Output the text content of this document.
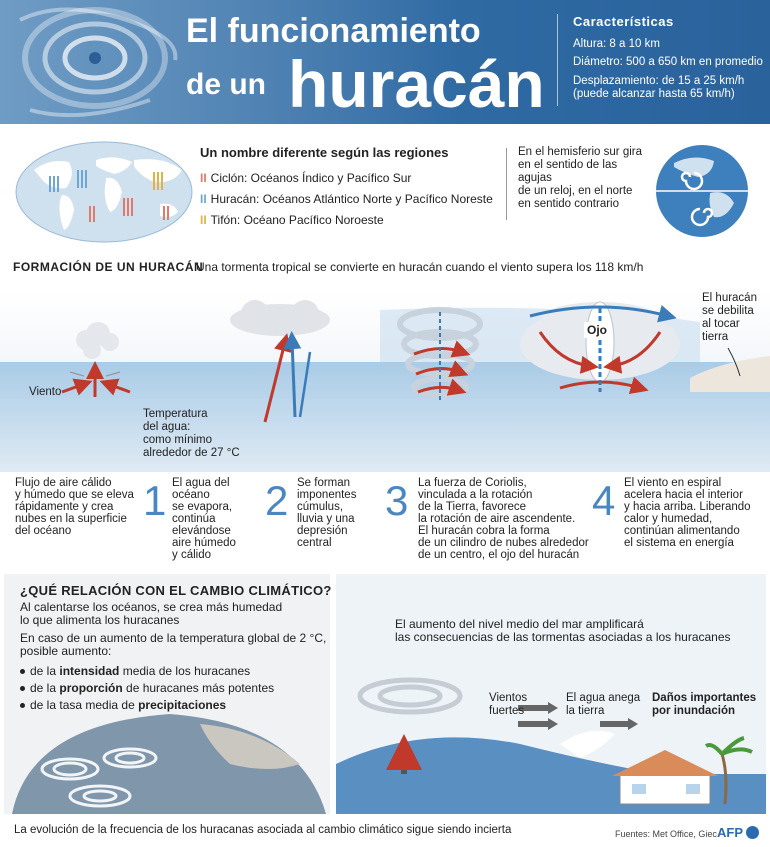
El funcionamiento
de un huracán
Características
Altura: 8 a 10 km
Diámetro: 500 a 650 km en promedio
Desplazamiento: de 15 a 25 km/h
(puede alcanzar hasta 65 km/h)
Un nombre diferente según las regiones
II Ciclón: Océanos Índico y Pacífico Sur
II Huracán: Océanos Atlántico Norte y Pacífico Noreste
II Tifón: Océano Pacífico Noroeste
En el hemisferio sur gira
en el sentido de las agujas
de un reloj, en el norte
en sentido contrario
FORMACIÓN DE UN HURACÁN
Una tormenta tropical se convierte en huracán cuando el viento supera los 118 km/h
Viento
Temperatura
del agua:
como mínimo
alrededor de 27 °C
Ojo
El huracán
se debilita
al tocar
tierra
Flujo de aire cálido
y húmedo que se eleva
rápidamente y crea
nubes en la superficie
del océano
1 El agua del
océano
se evapora,
continúa
elevándose
aire húmedo
y cálido
2 Se forman
imponentes
cúmulus,
lluvia y una
depresión
central
3 La fuerza de Coriolis,
vinculada a la rotación
de la Tierra, favorece
la rotación de aire ascendente.
El huracán cobra la forma
de un cilindro de nubes alrededor
de un centro, el ojo del huracán
4 El viento en espiral
acelera hacia el interior
y hacia arriba. Liberando
calor y humedad,
continúan alimentando
el sistema en energía
¿QUÉ RELACIÓN CON EL CAMBIO CLIMÁTICO?
Al calentarse los océanos, se crea más humedad
lo que alimenta los huracanes
En caso de un aumento de la temperatura global de 2 °C,
posible aumento:
de la intensidad media de los huracanes
de la proporción de huracanes más potentes
de la tasa media de precipitaciones
El aumento del nivel medio del mar amplificará
las consecuencias de las tormentas asociadas a los huracanes
Vientos
fuertes
El agua anega
la tierra
Daños importantes
por inundación
La evolución de la frecuencia de los huracanas asociada al cambio climático sigue siendo incierta	Fuentes: Met Office, Giec AFP
